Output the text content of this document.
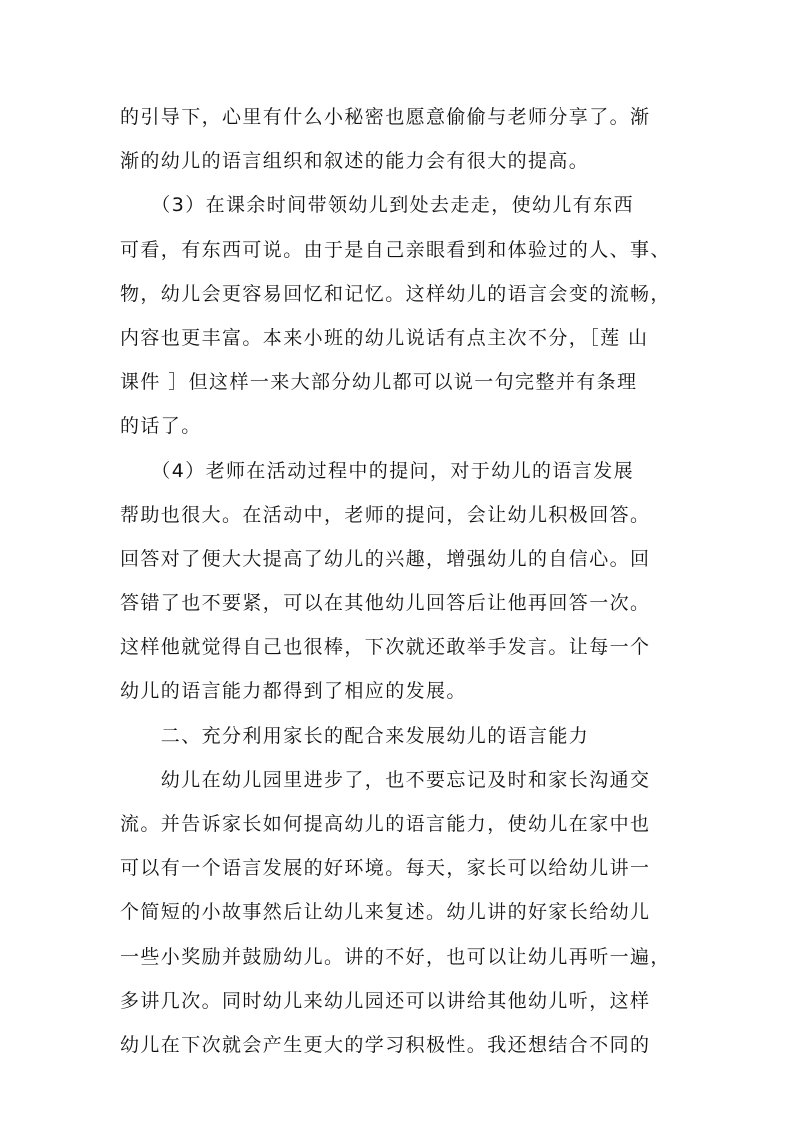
的引导下，心里有什么小秘密也愿意偷偷与老师分享了。渐
渐的幼儿的语言组织和叙述的能力会有很大的提高。
　　（3）在课余时间带领幼儿到处去走走，使幼儿有东西
可看，有东西可说。由于是自己亲眼看到和体验过的人、事、
物，幼儿会更容易回忆和记忆。这样幼儿的语言会变的流畅，
内容也更丰富。本来小班的幼儿说话有点主次不分，［莲 山
课件 ］但这样一来大部分幼儿都可以说一句完整并有条理
的话了。
　　（4）老师在活动过程中的提问，对于幼儿的语言发展
帮助也很大。在活动中，老师的提问，会让幼儿积极回答。
回答对了便大大提高了幼儿的兴趣，增强幼儿的自信心。回
答错了也不要紧，可以在其他幼儿回答后让他再回答一次。
这样他就觉得自己也很棒，下次就还敢举手发言。让每一个
幼儿的语言能力都得到了相应的发展。
　　二、充分利用家长的配合来发展幼儿的语言能力
　　幼儿在幼儿园里进步了，也不要忘记及时和家长沟通交
流。并告诉家长如何提高幼儿的语言能力，使幼儿在家中也
可以有一个语言发展的好环境。每天，家长可以给幼儿讲一
个简短的小故事然后让幼儿来复述。幼儿讲的好家长给幼儿
一些小奖励并鼓励幼儿。讲的不好，也可以让幼儿再听一遍，
多讲几次。同时幼儿来幼儿园还可以讲给其他幼儿听，这样
幼儿在下次就会产生更大的学习积极性。我还想结合不同的
